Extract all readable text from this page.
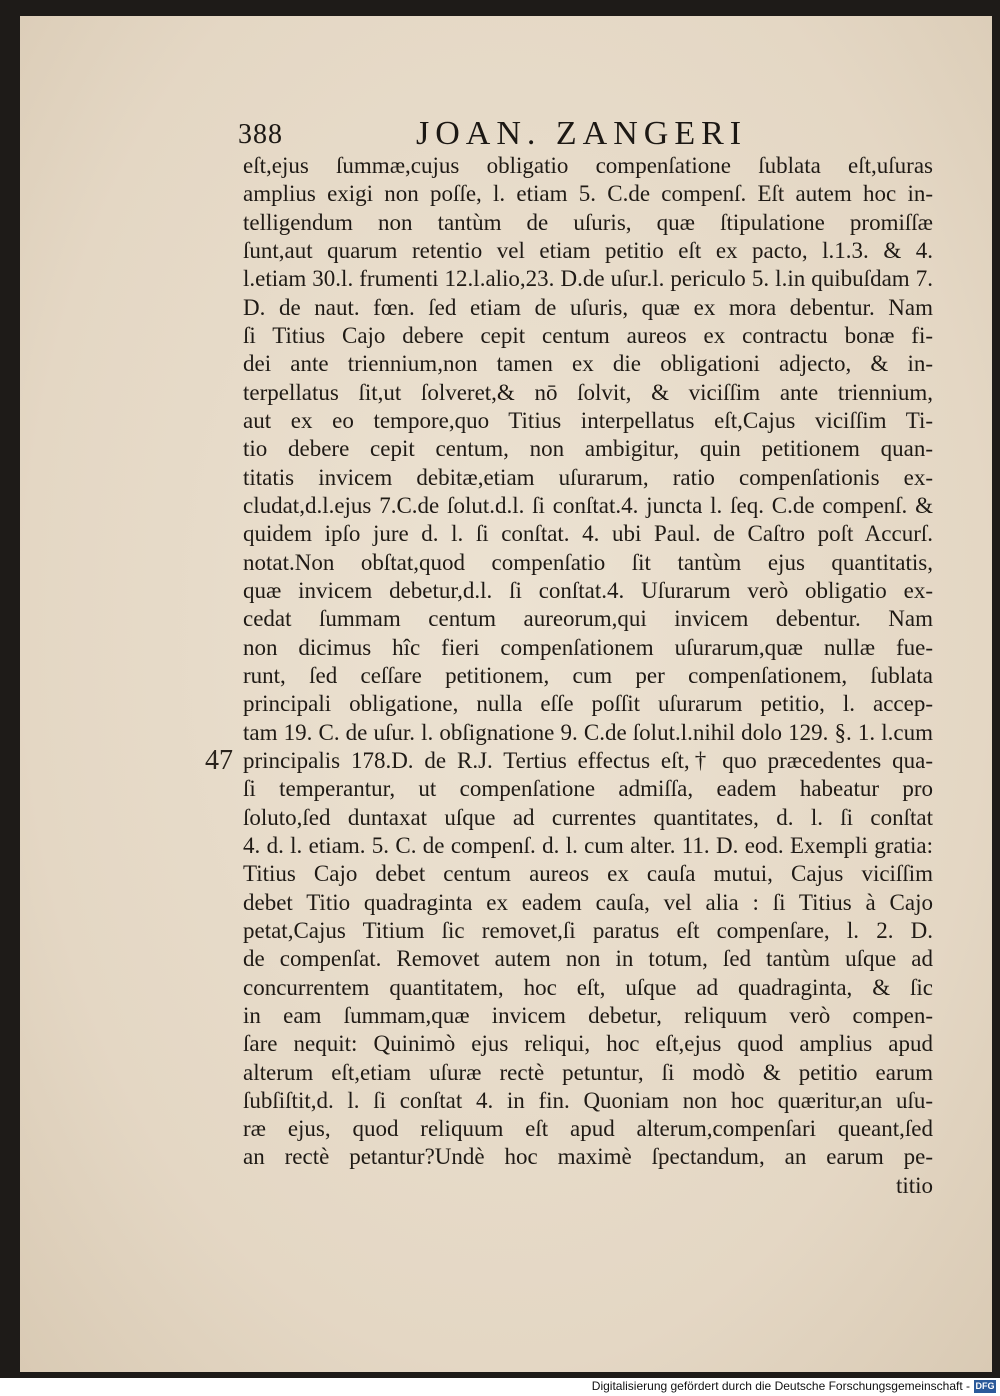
388	JOAN. ZANGERI
47
eſt,ejus ſummæ,cujus obligatio compenſatione ſublata eſt,uſuras
amplius exigi non poſſe, l. etiam 5. C.de compenſ. Eſt autem hoc in-
telligendum non tantùm de uſuris, quæ ſtipulatione promiſſæ
ſunt,aut quarum retentio vel etiam petitio eſt ex pacto, l.1.3. & 4.
l.etiam 30.l. frumenti 12.l.alio,23. D.de uſur.l. periculo 5. l.in quibuſdam 7.
D. de naut. fœn. ſed etiam de uſuris, quæ ex mora debentur. Nam
ſi Titius Cajo debere cepit centum aureos ex contractu bonæ fi-
dei ante triennium,non tamen ex die obligationi adjecto, & in-
terpellatus ſit,ut ſolveret,& nō ſolvit, & viciſſim ante triennium,
aut ex eo tempore,quo Titius interpellatus eſt,Cajus viciſſim Ti-
tio debere cepit centum, non ambigitur, quin petitionem quan-
titatis invicem debitæ,etiam uſurarum, ratio compenſationis ex-
cludat,d.l.ejus 7.C.de ſolut.d.l. ſi conſtat.4. juncta l. ſeq. C.de compenſ. &
quidem ipſo jure d. l. ſi conſtat. 4. ubi Paul. de Caſtro poſt Accurſ.
notat.Non obſtat,quod compenſatio ſit tantùm ejus quantitatis,
quæ invicem debetur,d.l. ſi conſtat.4. Uſurarum verò obligatio ex-
cedat ſummam centum aureorum,qui invicem debentur. Nam
non dicimus hîc fieri compenſationem uſurarum,quæ nullæ fue-
runt, ſed ceſſare petitionem, cum per compenſationem, ſublata
principali obligatione, nulla eſſe poſſit uſurarum petitio, l. accep-
tam 19. C. de uſur. l. obſignatione 9. C.de ſolut.l.nihil dolo 129. §. 1. l.cum
principalis 178.D. de R.J. Tertius effectus eſt,† quo præcedentes qua-
ſi temperantur, ut compenſatione admiſſa, eadem habeatur pro
ſoluto,ſed duntaxat uſque ad currentes quantitates, d. l. ſi conſtat
4. d. l. etiam. 5. C. de compenſ. d. l. cum alter. 11. D. eod. Exempli gratia:
Titius Cajo debet centum aureos ex cauſa mutui, Cajus viciſſim
debet Titio quadraginta ex eadem cauſa, vel alia : ſi Titius à Cajo
petat,Cajus Titium ſic removet,ſi paratus eſt compenſare, l. 2. D.
de compenſat. Removet autem non in totum, ſed tantùm uſque ad
concurrentem quantitatem, hoc eſt, uſque ad quadraginta, & ſic
in eam ſummam,quæ invicem debetur, reliquum verò compen-
ſare nequit: Quinimò ejus reliqui, hoc eſt,ejus quod amplius apud
alterum eſt,etiam uſuræ rectè petuntur, ſi modò & petitio earum
ſubſiſtit,d. l. ſi conſtat 4. in fin. Quoniam non hoc quæritur,an uſu-
ræ ejus, quod reliquum eſt apud alterum,compenſari queant,ſed
an rectè petantur?Undè hoc maximè ſpectandum, an earum pe-
titio
Digitalisierung gefördert durch die Deutsche Forschungsgemeinschaft - DFG
